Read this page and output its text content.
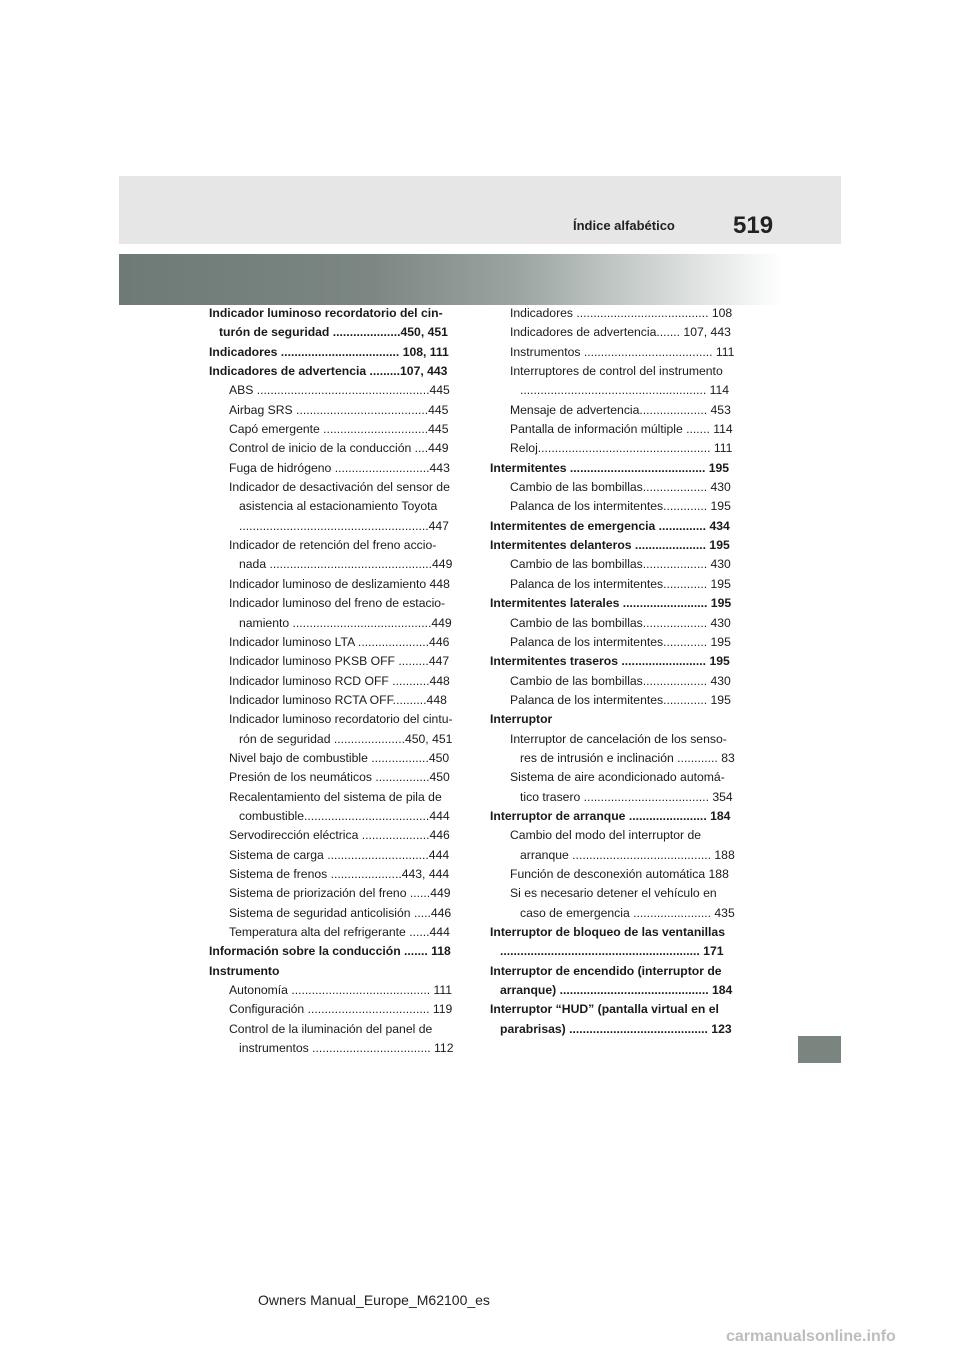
Índice alfabético 519
Indicador luminoso recordatorio del cin-
turón de seguridad ....................450, 451
Indicadores ................................... 108, 111
Indicadores de advertencia .........107, 443
ABS ...................................................445
Airbag SRS .......................................445
Capó emergente ...............................445
Control de inicio de la conducción ....449
Fuga de hidrógeno ............................443
Indicador de desactivación del sensor de
asistencia al estacionamiento Toyota
........................................................447
Indicador de retención del freno accio-
nada ................................................449
Indicador luminoso de deslizamiento 448
Indicador luminoso del freno de estacio-
namiento .........................................449
Indicador luminoso LTA .....................446
Indicador luminoso PKSB OFF .........447
Indicador luminoso RCD OFF ...........448
Indicador luminoso RCTA OFF..........448
Indicador luminoso recordatorio del cintu-
rón de seguridad .....................450, 451
Nivel bajo de combustible .................450
Presión de los neumáticos ................450
Recalentamiento del sistema de pila de
combustible.....................................444
Servodirección eléctrica ....................446
Sistema de carga ..............................444
Sistema de frenos .....................443, 444
Sistema de priorización del freno ......449
Sistema de seguridad anticolisión .....446
Temperatura alta del refrigerante ......444
Información sobre la conducción ....... 118
Instrumento
Autonomía ......................................... 111
Configuración .................................... 119
Control de la iluminación del panel de
instrumentos ................................... 112
Indicadores ....................................... 108
Indicadores de advertencia....... 107, 443
Instrumentos ...................................... 111
Interruptores de control del instrumento
....................................................... 114
Mensaje de advertencia.................... 453
Pantalla de información múltiple ....... 114
Reloj................................................... 111
Intermitentes ........................................ 195
Cambio de las bombillas................... 430
Palanca de los intermitentes............. 195
Intermitentes de emergencia .............. 434
Intermitentes delanteros ..................... 195
Cambio de las bombillas................... 430
Palanca de los intermitentes............. 195
Intermitentes laterales ......................... 195
Cambio de las bombillas................... 430
Palanca de los intermitentes............. 195
Intermitentes traseros ......................... 195
Cambio de las bombillas................... 430
Palanca de los intermitentes............. 195
Interruptor
Interruptor de cancelación de los senso-
res de intrusión e inclinación ............ 83
Sistema de aire acondicionado automá-
tico trasero ..................................... 354
Interruptor de arranque ....................... 184
Cambio del modo del interruptor de
arranque ......................................... 188
Función de desconexión automática 188
Si es necesario detener el vehículo en
caso de emergencia ....................... 435
Interruptor de bloqueo de las ventanillas
........................................................... 171
Interruptor de encendido (interruptor de
arranque) ............................................ 184
Interruptor “HUD” (pantalla virtual en el
parabrisas) ......................................... 123
Owners Manual_Europe_M62100_es
carmanualsonline.info
